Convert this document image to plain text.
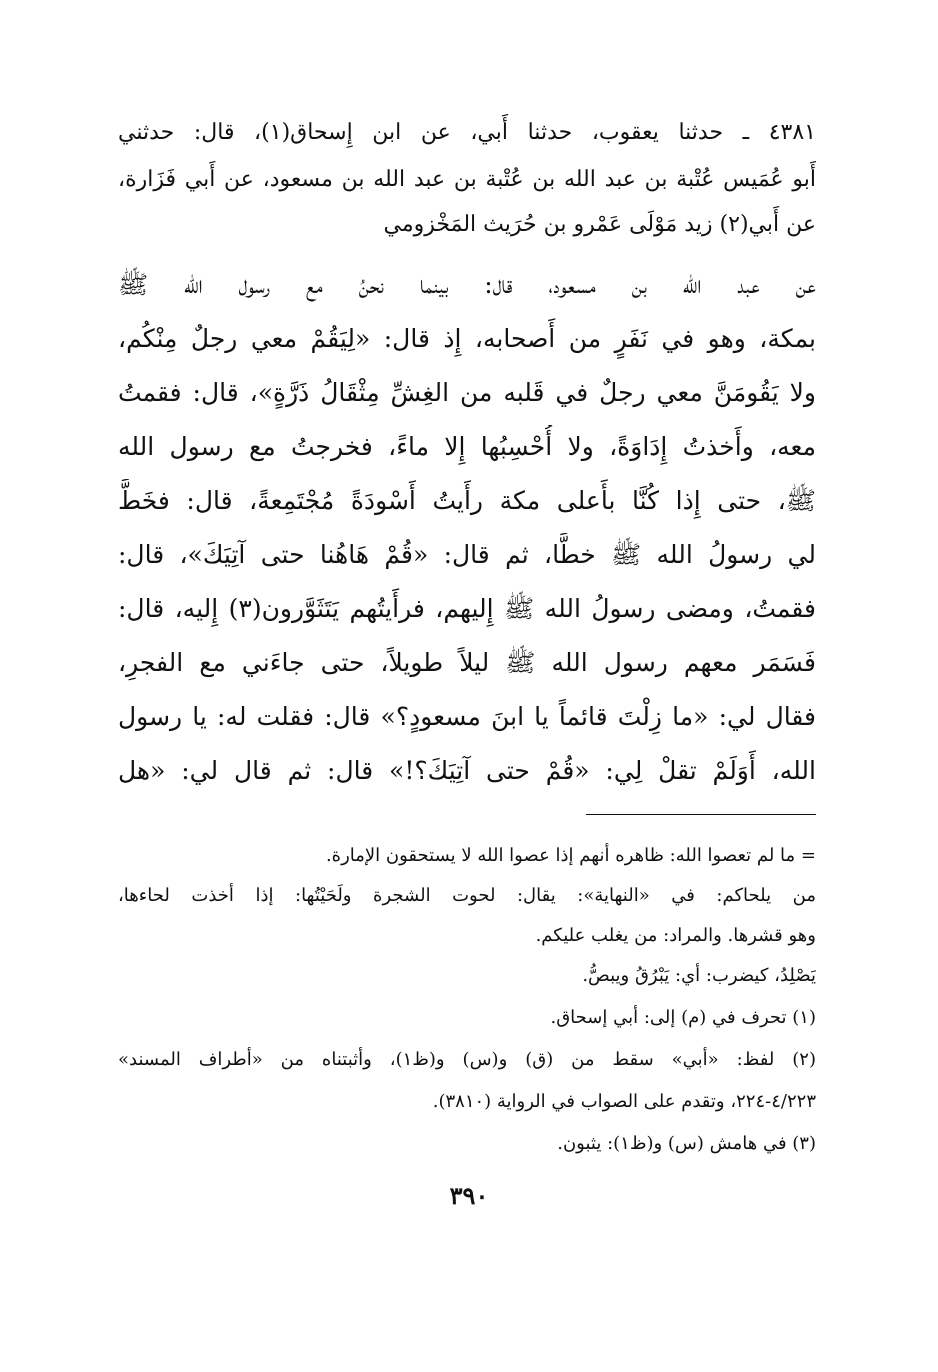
٤٣٨١ ـ حدثنا يعقوب، حدثنا أَبي، عن ابن إِسحاق(١)، قال: حدثني
أَبو عُمَيس عُتْبة بن عبد الله بن عُتْبة بن عبد الله بن مسعود، عن أَبي فَزَارة،
عن أَبي(٢) زيد مَوْلَى عَمْرو بن حُرَيث المَخْزومي
عن عبد الله بن مسعود، قال: بينما نحنُ مع رسول الله ﷺ
بمكة، وهو في نَفَرٍ من أَصحابه، إِذ قال: «لِيَقُمْ معي رجلٌ مِنْكُم،
ولا يَقُومَنَّ معي رجلٌ في قَلبه من الغِشِّ مِثْقَالُ ذَرَّةٍ»، قال: فقمتُ
معه، وأَخذتُ إِدَاوَةً، ولا أُحْسِبُها إِلا ماءً، فخرجتُ مع رسول الله
ﷺ، حتى إِذا كُنَّا بأَعلى مكة رأَيتُ أَسْودَةً مُجْتَمِعةً، قال: فخَطَّ
لي رسولُ الله ﷺ خطًّا، ثم قال: «قُمْ هَاهُنا حتى آتِيَكَ»، قال:
فقمتُ، ومضى رسولُ الله ﷺ إِليهم، فرأَيتُهم يَتَثَوَّرون(٣) إِليه، قال:
فَسَمَر معهم رسول الله ﷺ ليلاً طويلاً، حتى جاءَني مع الفجرِ،
فقال لي: «ما زِلْتَ قائماً يا ابنَ مسعودٍ؟» قال: فقلت له: يا رسول
الله، أَوَلَمْ تقلْ لِي: «قُمْ حتى آتِيَكَ؟!» قال: ثم قال لي: «هل
= ما لم تعصوا الله: ظاهره أنهم إذا عصوا الله لا يستحقون الإمارة.
من يلحاكم: في «النهاية»: يقال: لحوت الشجرة ولَحَيْتُها: إذا أخذت لحاءها،
وهو قشرها. والمراد: من يغلب عليكم.
يَصْلِدُ، كيضرب: أي: يَبْرُقُ ويبصُّ.
(١) تحرف في (م) إلى: أبي إسحاق.
(٢) لفظ: «أبي» سقط من (ق) و(س) و(ظ١)، وأثبتناه من «أطراف المسند»
٤/٢٢٣-٢٢٤، وتقدم على الصواب في الرواية (٣٨١٠).
(٣) في هامش (س) و(ظ١): يثبون.
٣٩٠
